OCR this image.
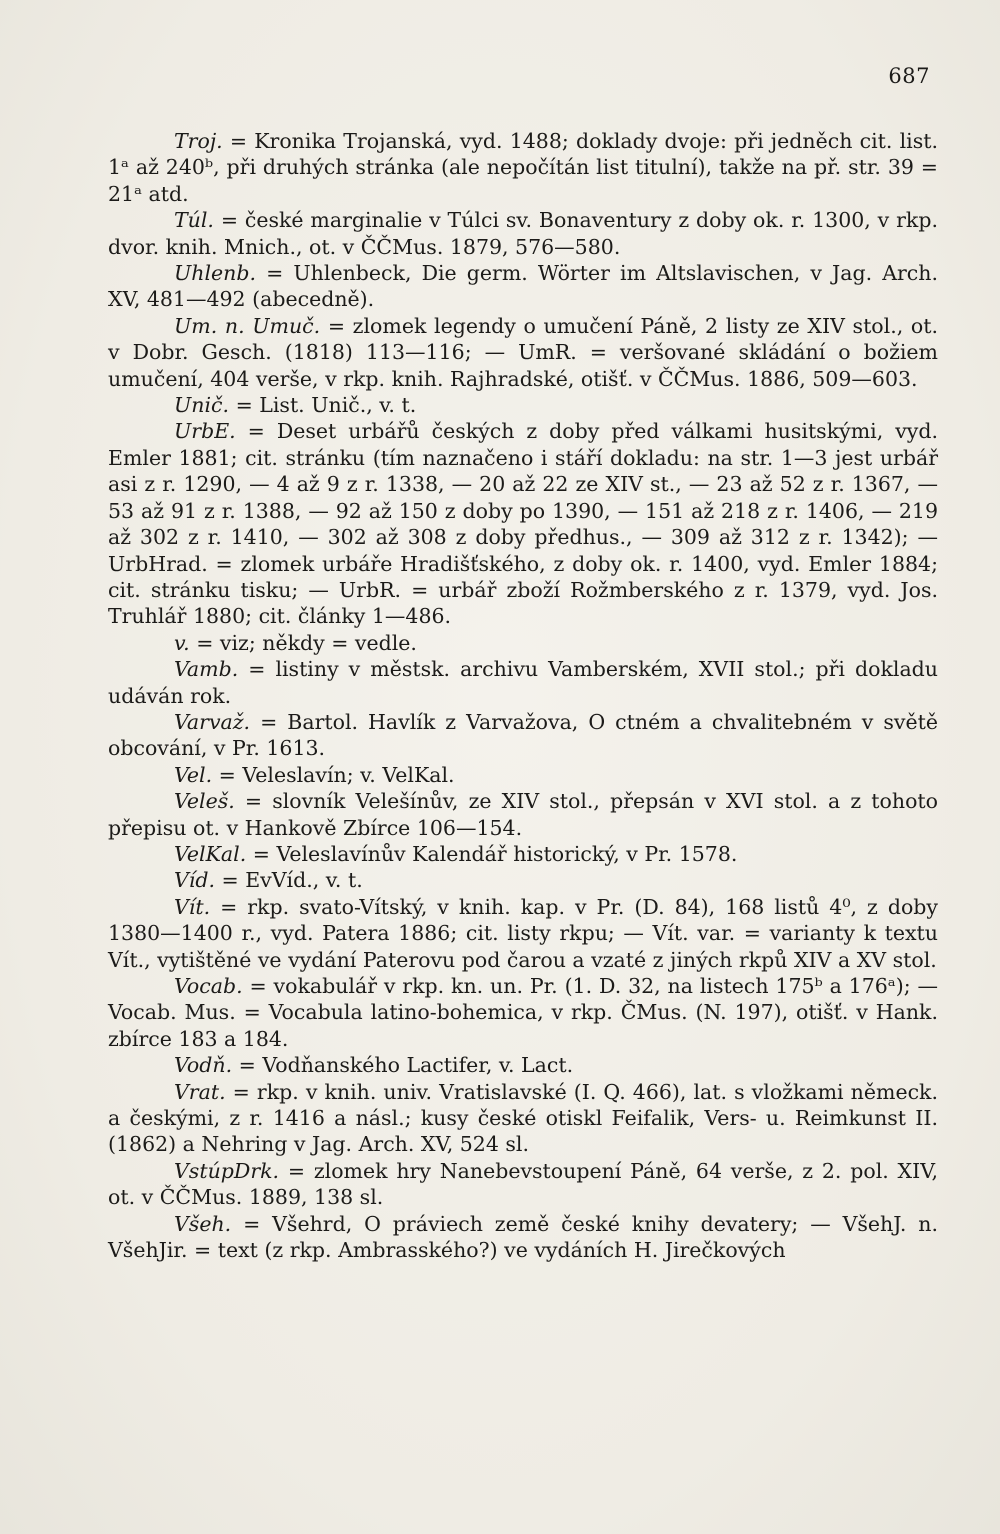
687

Troj. = Kronika Trojanská, vyd. 1488; doklady dvoje: při jedněch cit. list. 1ᵃ až 240ᵇ, při druhých stránka (ale nepočítán list titulní), takže na př. str. 39 = 21ᵃ atd.

Túl. = české marginalie v Túlci sv. Bonaventury z doby ok. r. 1300, v rkp. dvor. knih. Mnich., ot. v ČČMus. 1879, 576—580.

Uhlenb. = Uhlenbeck, Die germ. Wörter im Altslavischen, v Jag. Arch. XV, 481—492 (abecedně).

Um. n. Umuč. = zlomek legendy o umučení Páně, 2 listy ze XIV stol., ot. v Dobr. Gesch. (1818) 113—116; — UmR. = veršované skládání o božiem umučení, 404 verše, v rkp. knih. Rajhradské, otišť. v ČČMus. 1886, 509—603.

Unič. = List. Unič., v. t.

UrbE. = Deset urbářů českých z doby před válkami husitskými, vyd. Emler 1881; cit. stránku (tím naznačeno i stáří dokladu: na str. 1—3 jest urbář asi z r. 1290, — 4 až 9 z r. 1338, — 20 až 22 ze XIV st., — 23 až 52 z r. 1367, — 53 až 91 z r. 1388, — 92 až 150 z doby po 1390, — 151 až 218 z r. 1406, — 219 až 302 z r. 1410, — 302 až 308 z doby předhus., — 309 až 312 z r. 1342); — UrbHrad. = zlomek urbáře Hradišťského, z doby ok. r. 1400, vyd. Emler 1884; cit. stránku tisku; — UrbR. = urbář zboží Rožmberského z r. 1379, vyd. Jos. Truhlář 1880; cit. články 1—486.

v. = viz; někdy = vedle.

Vamb. = listiny v městsk. archivu Vamberském, XVII stol.; při dokladu udáván rok.

Varvaž. = Bartol. Havlík z Varvažova, O ctném a chvalitebném v světě obcování, v Pr. 1613.

Vel. = Veleslavín; v. VelKal.

Veleš. = slovník Velešínův, ze XIV stol., přepsán v XVI stol. a z tohoto přepisu ot. v Hankově Zbírce 106—154.

VelKal. = Veleslavínův Kalendář historický, v Pr. 1578.

Víd. = EvVíd., v. t.

Vít. = rkp. svato-Vítský, v knih. kap. v Pr. (D. 84), 168 listů 4⁰, z doby 1380—1400 r., vyd. Patera 1886; cit. listy rkpu; — Vít. var. = varianty k textu Vít., vytištěné ve vydání Paterovu pod čarou a vzaté z jiných rkpů XIV a XV stol.

Vocab. = vokabulář v rkp. kn. un. Pr. (1. D. 32, na listech 175ᵇ a 176ᵃ); — Vocab. Mus. = Vocabula latino-bohemica, v rkp. ČMus. (N. 197), otišť. v Hank. zbírce 183 a 184.

Vodň. = Vodňanského Lactifer, v. Lact.

Vrat. = rkp. v knih. univ. Vratislavské (I. Q. 466), lat. s vložkami německ. a českými, z r. 1416 a násl.; kusy české otiskl Feifalik, Vers- u. Reimkunst II. (1862) a Nehring v Jag. Arch. XV, 524 sl.

VstúpDrk. = zlomek hry Nanebevstoupení Páně, 64 verše, z 2. pol. XIV, ot. v ČČMus. 1889, 138 sl.

Všeh. = Všehrd, O práviech země české knihy devatery; — VšehJ. n. VšehJir. = text (z rkp. Ambrasského?) ve vydáních H. Jirečkových
